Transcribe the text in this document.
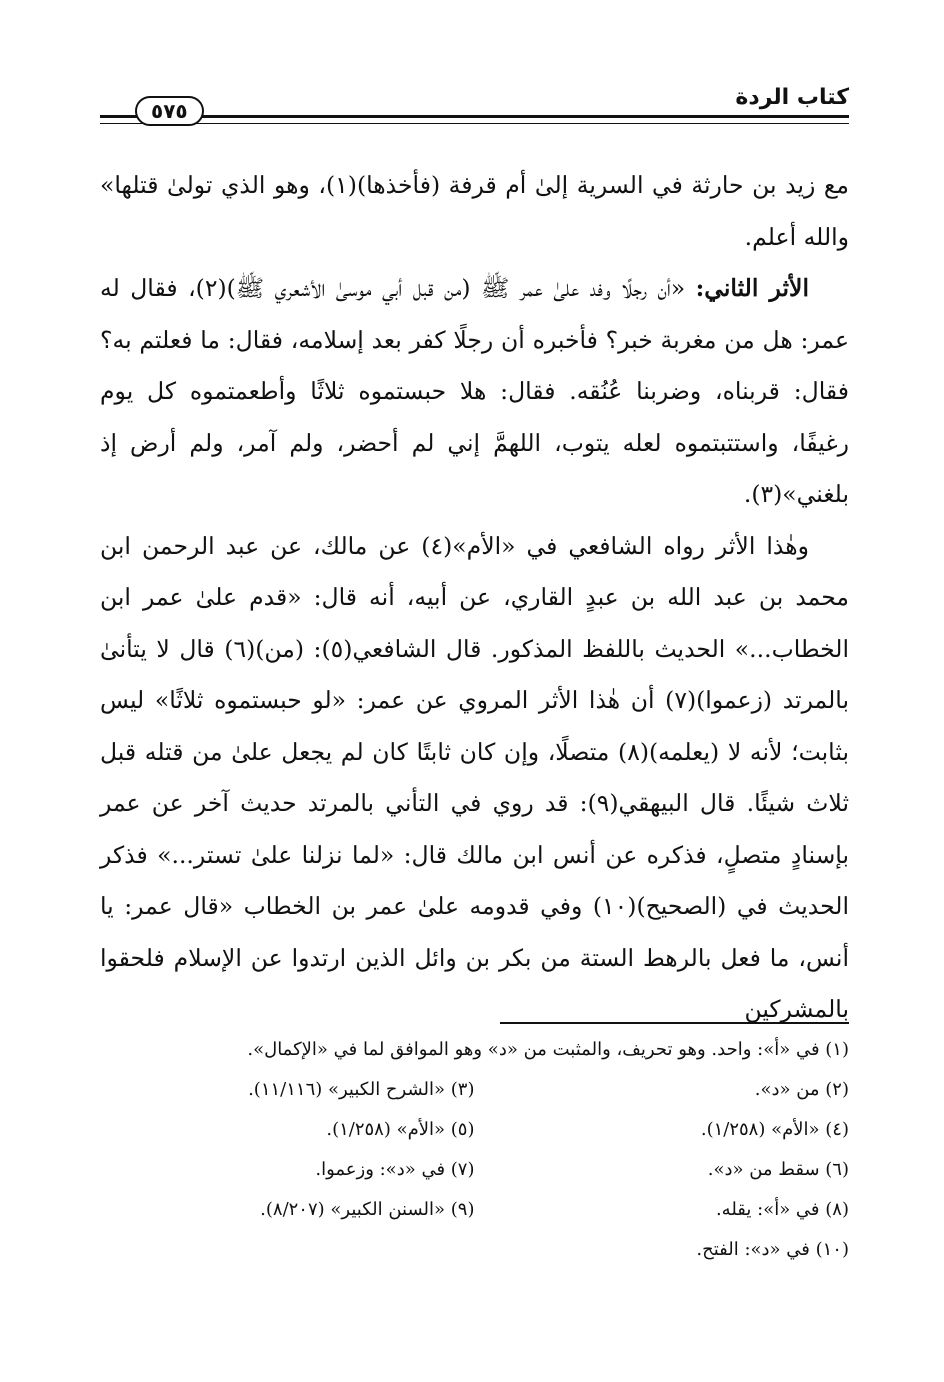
كتاب الردة
٥٧٥

مع زيد بن حارثة في السرية إلىٰ أم قرفة (فأخذها)(١)، وهو الذي تولىٰ قتلها» والله أعلم.

الأثر الثاني: «أن رجلًا وفد علىٰ عمر ﷺ (من قبل أبي موسىٰ الأشعري ﷺ)(٢)، فقال له عمر: هل من مغربة خبر؟ فأخبره أن رجلًا كفر بعد إسلامه، فقال: ما فعلتم به؟ فقال: قربناه، وضربنا عُنُقه. فقال: هلا حبستموه ثلاثًا وأطعمتموه كل يوم رغيفًا، واستتبتموه لعله يتوب، اللهمَّ إني لم أحضر، ولم آمر، ولم أرض إذ بلغني»(٣).

وهٰذا الأثر رواه الشافعي في «الأم»(٤) عن مالك، عن عبد الرحمن ابن محمد بن عبد الله بن عبدٍ القاري، عن أبيه، أنه قال: «قدم علىٰ عمر ابن الخطاب...» الحديث باللفظ المذكور. قال الشافعي(٥): (من)(٦) قال لا يتأنىٰ بالمرتد (زعموا)(٧) أن هٰذا الأثر المروي عن عمر: «لو حبستموه ثلاثًا» ليس بثابت؛ لأنه لا (يعلمه)(٨) متصلًا، وإن كان ثابتًا كان لم يجعل علىٰ من قتله قبل ثلاث شيئًا. قال البيهقي(٩): قد روي في التأني بالمرتد حديث آخر عن عمر بإسنادٍ متصلٍ، فذكره عن أنس ابن مالك قال: «لما نزلنا علىٰ تستر...» فذكر الحديث في (الصحيح)(١٠) وفي قدومه علىٰ عمر بن الخطاب «قال عمر: يا أنس، ما فعل بالرهط الستة من بكر بن وائل الذين ارتدوا عن الإسلام فلحقوا بالمشركين

(١) في «أ»: واحد. وهو تحريف، والمثبت من «د» وهو الموافق لما في «الإكمال».
(٢) من «د».
(٣) «الشرح الكبير» (١١/١١٦).
(٤) «الأم» (١/٢٥٨).
(٥) «الأم» (١/٢٥٨).
(٦) سقط من «د».
(٧) في «د»: وزعموا.
(٨) في «أ»: يقله.
(٩) «السنن الكبير» (٨/٢٠٧).
(١٠) في «د»: الفتح.
